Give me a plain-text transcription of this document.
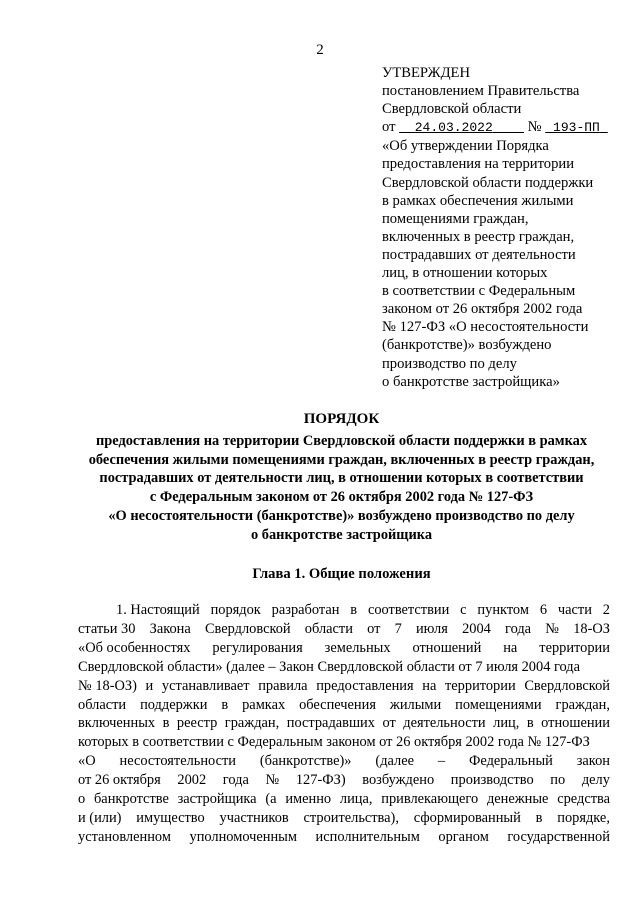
2
УТВЕРЖДЕН
постановлением Правительства
Свердловской области
от __24.03.2022____ № _193-ПП_
«Об утверждении Порядка
предоставления на территории
Свердловской области поддержки
в рамках обеспечения жилыми
помещениями граждан,
включенных в реестр граждан,
пострадавших от деятельности
лиц, в отношении которых
в соответствии с Федеральным
законом от 26 октября 2002 года
№ 127-ФЗ «О несостоятельности
(банкротстве)» возбуждено
производство по делу
о банкротстве застройщика»
ПОРЯДОК
предоставления на территории Свердловской области поддержки в рамках
обеспечения жилыми помещениями граждан, включенных в реестр граждан,
пострадавших от деятельности лиц, в отношении которых в соответствии
с Федеральным законом от 26 октября 2002 года № 127-ФЗ
«О несостоятельности (банкротстве)» возбуждено производство по делу
о банкротстве застройщика
Глава 1. Общие положения
1. Настоящий порядок разработан в соответствии с пунктом 6 части 2
статьи 30 Закона Свердловской области от 7 июля 2004 года № 18-ОЗ
«Об особенностях регулирования земельных отношений на территории
Свердловской области» (далее – Закон Свердловской области от 7 июля 2004 года
№ 18-ОЗ) и устанавливает правила предоставления на территории Свердловской
области поддержки в рамках обеспечения жилыми помещениями граждан,
включенных в реестр граждан, пострадавших от деятельности лиц, в отношении
которых в соответствии с Федеральным законом от 26 октября 2002 года № 127-ФЗ
«О несостоятельности (банкротстве)» (далее – Федеральный закон
от 26 октября 2002 года № 127-ФЗ) возбуждено производство по делу
о банкротстве застройщика (а именно лица, привлекающего денежные средства
и (или) имущество участников строительства), сформированный в порядке,
установленном уполномоченным исполнительным органом государственной
